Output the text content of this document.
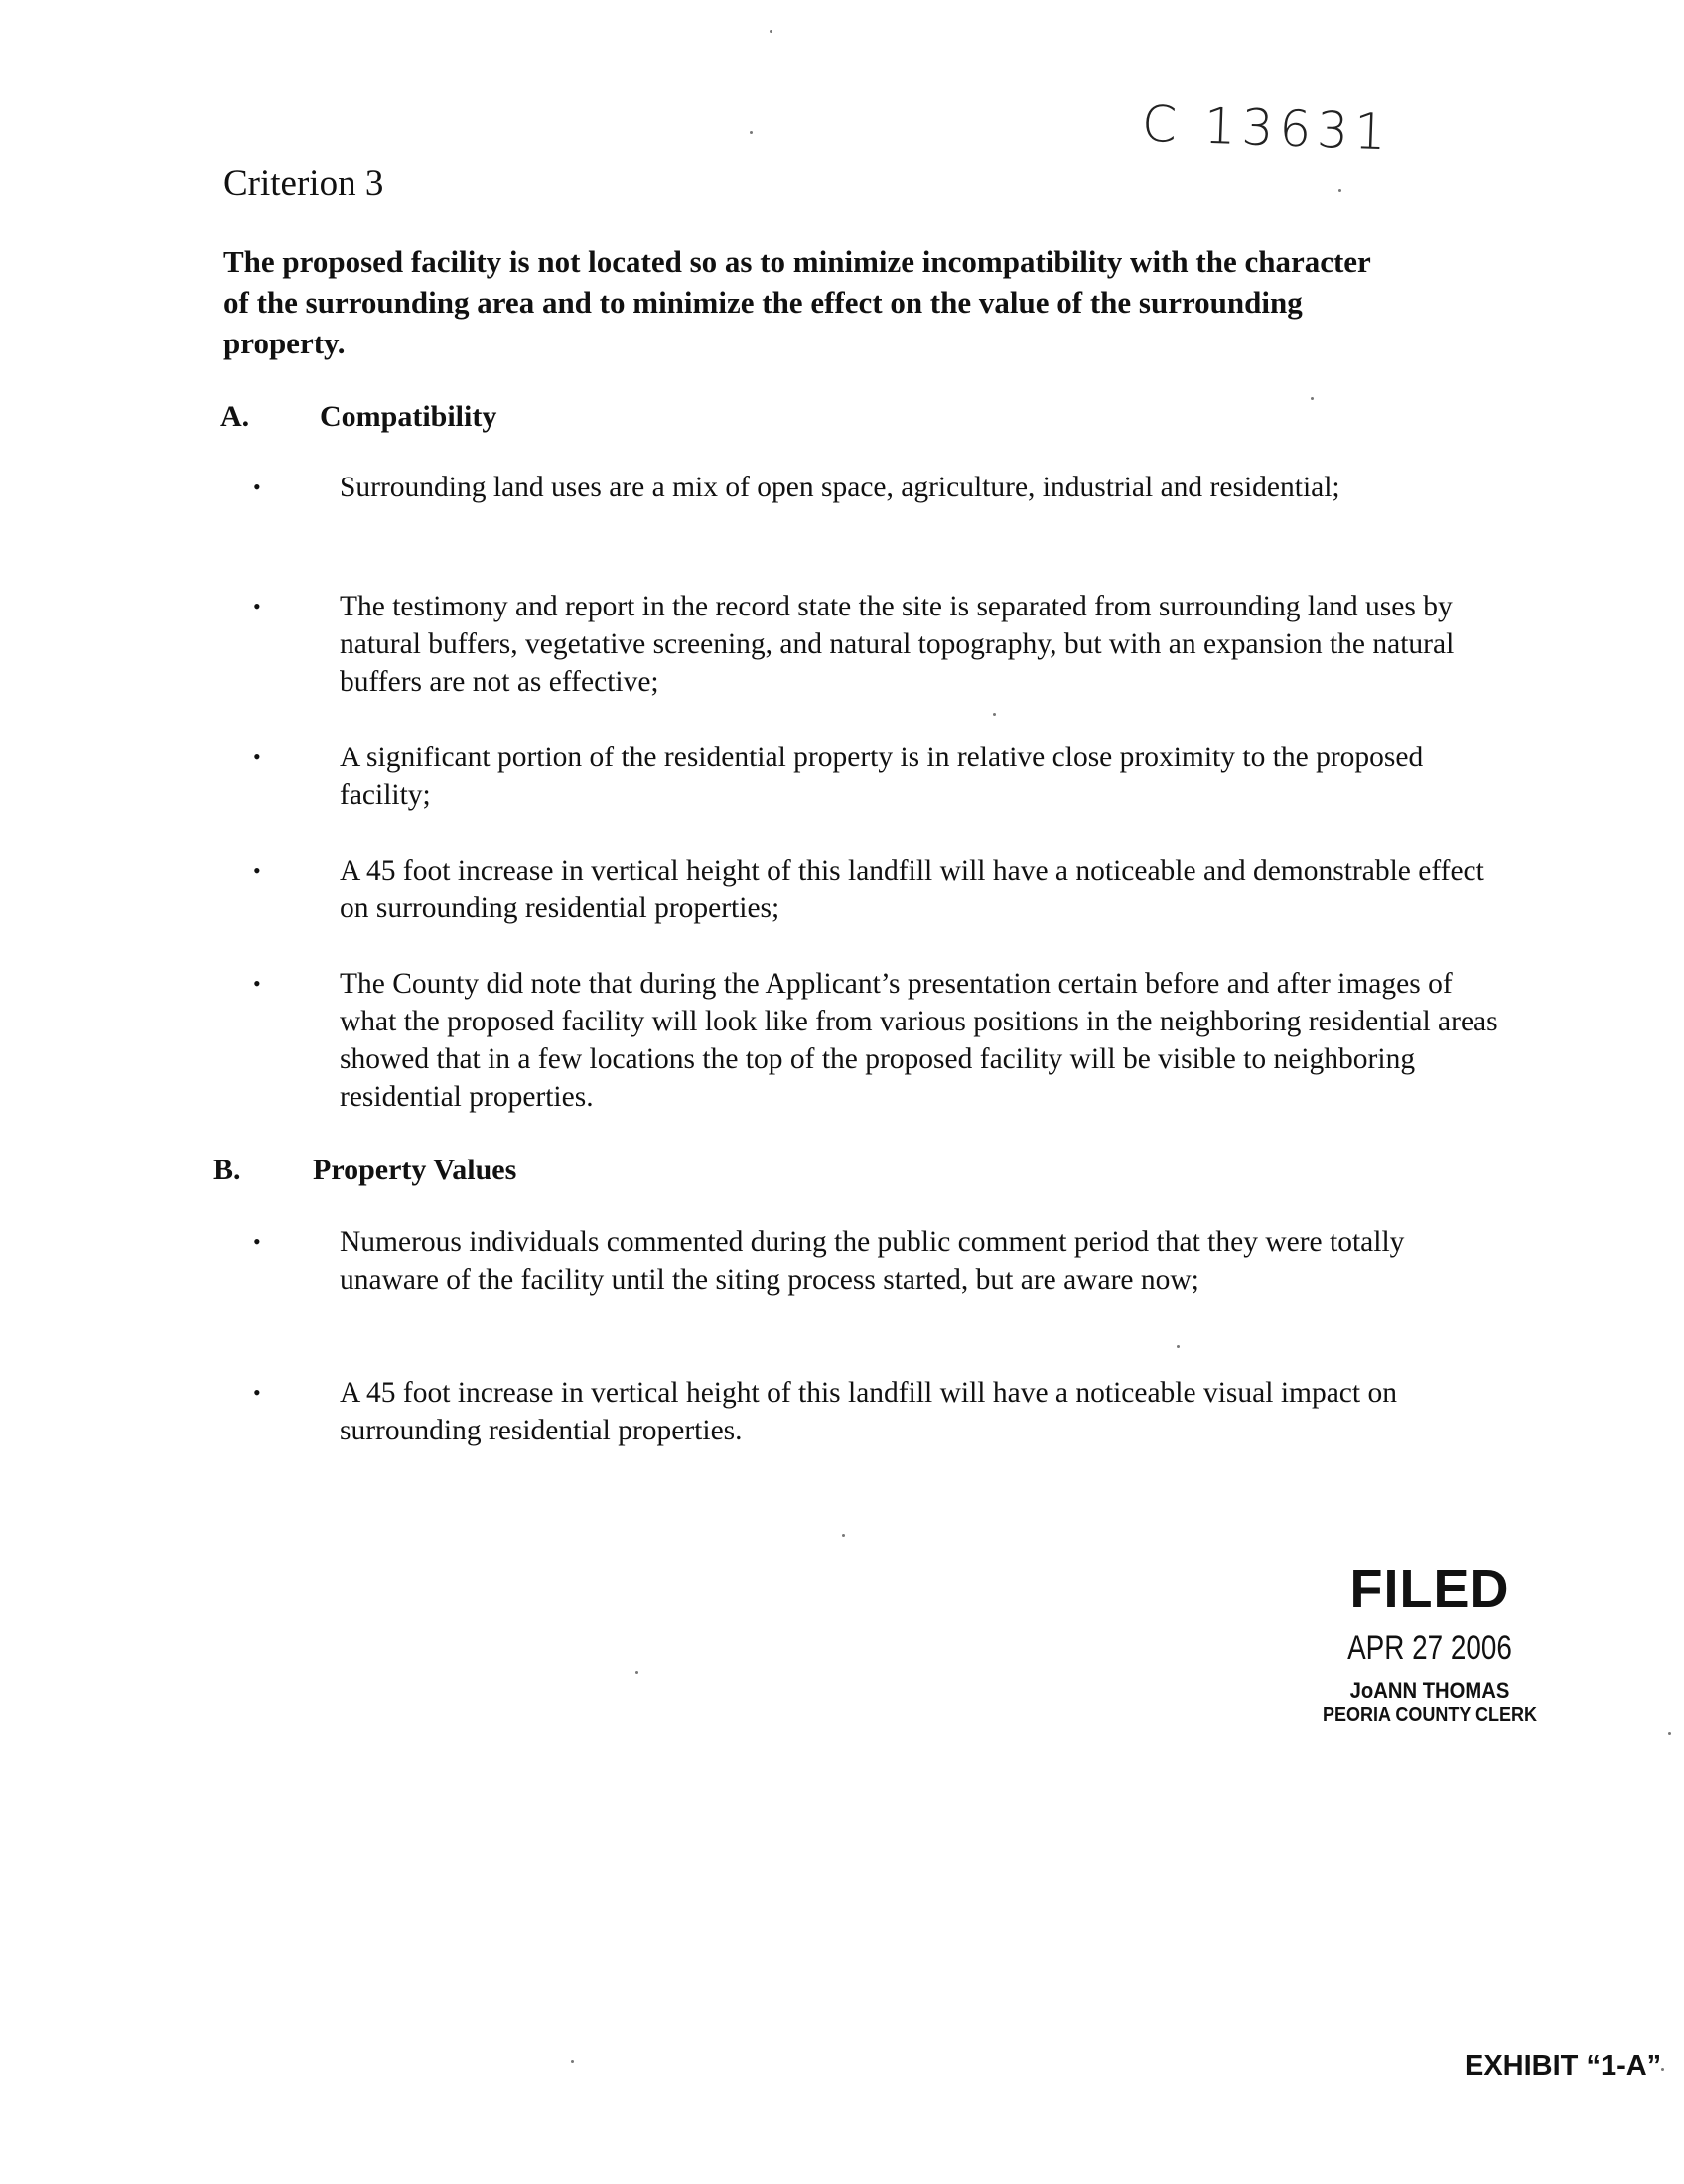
C 13631
Criterion 3
The proposed facility is not located so as to minimize incompatibility with the character of the surrounding area and to minimize the effect on the value of the surrounding property.
A. Compatibility
•	Surrounding land uses are a mix of open space, agriculture, industrial and residential;
•	The testimony and report in the record state the site is separated from surrounding land uses by natural buffers, vegetative screening, and natural topography, but with an expansion the natural buffers are not as effective;
•	A significant portion of the residential property is in relative close proximity to the proposed facility;
•	A 45 foot increase in vertical height of this landfill will have a noticeable and demonstrable effect on surrounding residential properties;
•	The County did note that during the Applicant’s presentation certain before and after images of what the proposed facility will look like from various positions in the neighboring residential areas showed that in a few locations the top of the proposed facility will be visible to neighboring residential properties.
B. Property Values
•	Numerous individuals commented during the public comment period that they were totally unaware of the facility until the siting process started, but are aware now;
•	A 45 foot increase in vertical height of this landfill will have a noticeable visual impact on surrounding residential properties.
FILED
APR 27 2006
JoANN THOMAS
PEORIA COUNTY CLERK
EXHIBIT “1-A”
